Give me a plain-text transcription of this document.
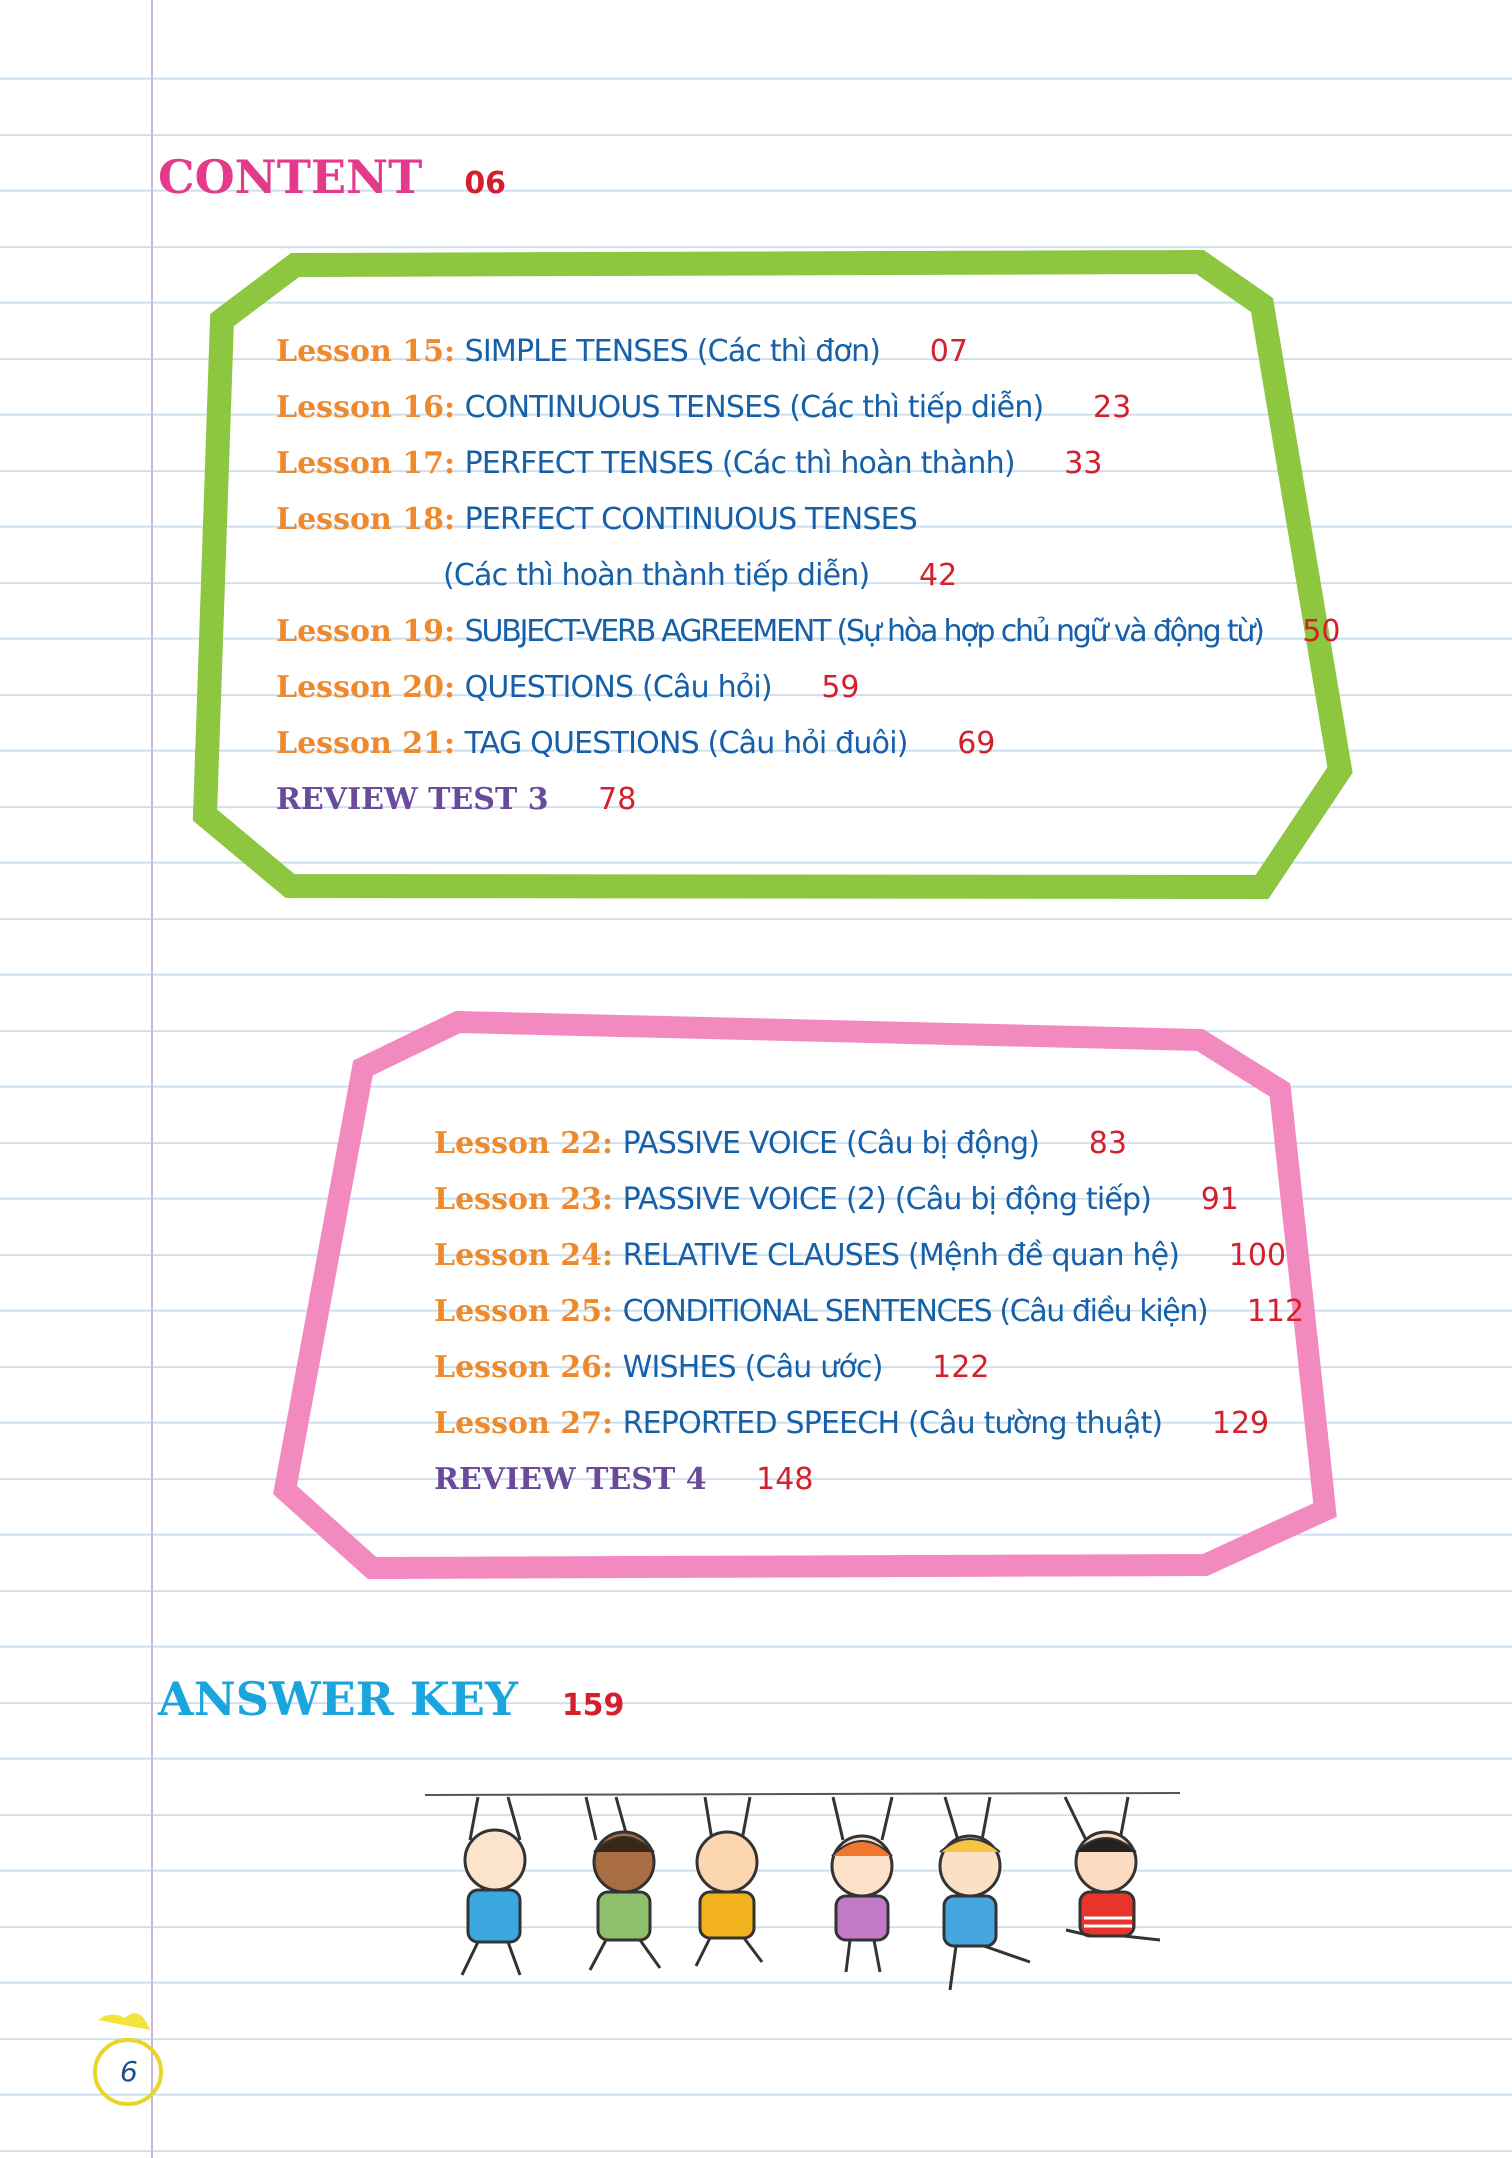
CONTENT 06
Lesson 15: SIMPLE TENSES (Các thì đơn) 07
Lesson 16: CONTINUOUS TENSES (Các thì tiếp diễn) 23
Lesson 17: PERFECT TENSES (Các thì hoàn thành) 33
Lesson 18: PERFECT CONTINUOUS TENSES
(Các thì hoàn thành tiếp diễn) 42
Lesson 19: SUBJECT-VERB AGREEMENT (Sự hòa hợp chủ ngữ và động từ) 50
Lesson 20: QUESTIONS (Câu hỏi) 59
Lesson 21: TAG QUESTIONS (Câu hỏi đuôi) 69
REVIEW TEST 3 78
Lesson 22: PASSIVE VOICE (Câu bị động) 83
Lesson 23: PASSIVE VOICE (2) (Câu bị động tiếp) 91
Lesson 24: RELATIVE CLAUSES (Mệnh đề quan hệ) 100
Lesson 25: CONDITIONAL SENTENCES (Câu điều kiện) 112
Lesson 26: WISHES (Câu ước) 122
Lesson 27: REPORTED SPEECH (Câu tường thuật) 129
REVIEW TEST 4 148
ANSWER KEY 159
6
